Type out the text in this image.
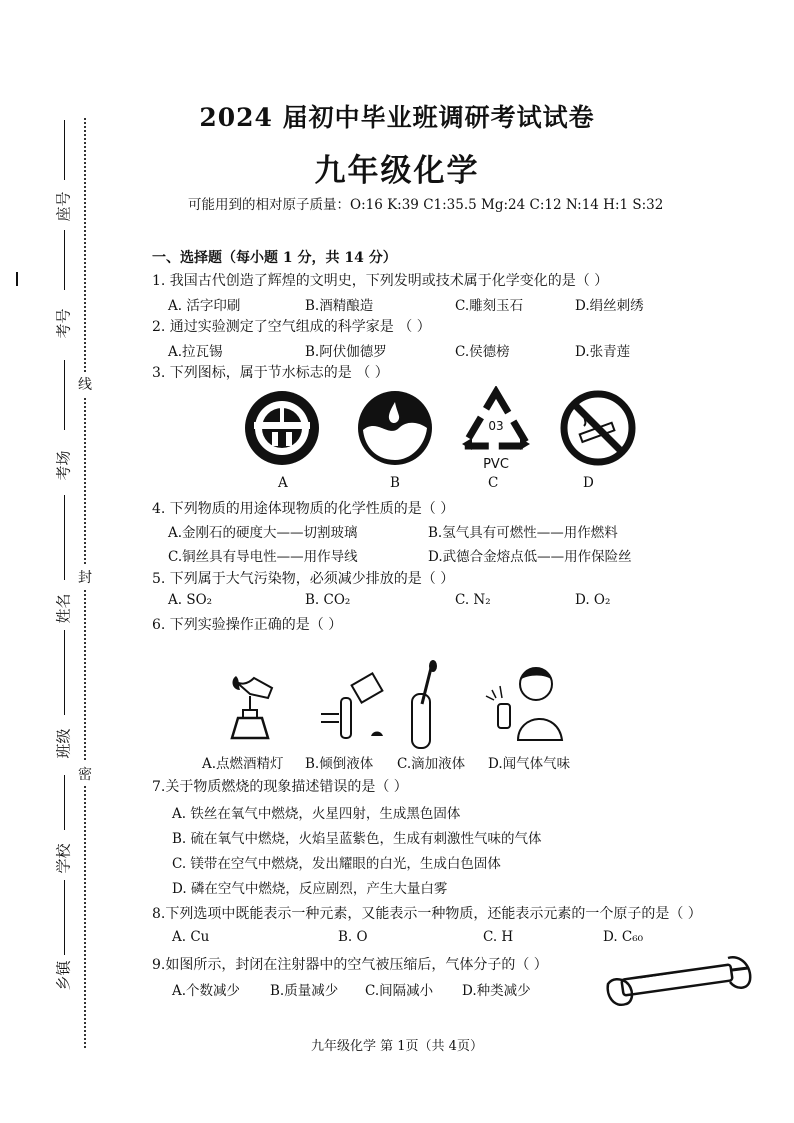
线
封
密
座号
考号
考场
姓名
班级
学校
乡镇
2024 届初中毕业班调研考试试卷
九年级化学
可能用到的相对原子质量：O:16 K:39 C1:35.5 Mg:24 C:12 N:14 H:1 S:32
一、选择题（每小题 1 分，共 14 分）
1. 我国古代创造了辉煌的文明史，下列发明或技术属于化学变化的是（ ）
A. 活字印刷	B.酒精酿造	C.雕刻玉石	D.绢丝刺绣
2. 通过实验测定了空气组成的科学家是 （ ）
A.拉瓦锡	B.阿伏伽德罗	C.侯德榜	D.张青莲
3. 下列图标，属于节水标志的是 （ ）
03
PVC
A	B	C	D
4. 下列物质的用途体现物质的化学性质的是（ ）
A.金刚石的硬度大——切割玻璃	B.氢气具有可燃性——用作燃料
C.铜丝具有导电性——用作导线	D.武德合金熔点低——用作保险丝
5. 下列属于大气污染物，必须减少排放的是（ ）
A. SO₂	B. CO₂	C. N₂	D. O₂
6. 下列实验操作正确的是（ ）
A.点燃酒精灯 B.倾倒液体 C.滴加液体 D.闻气体气味
7.关于物质燃烧的现象描述错误的是（ ）
A. 铁丝在氧气中燃烧，火星四射，生成黑色固体
B. 硫在氧气中燃烧，火焰呈蓝紫色，生成有刺激性气味的气体
C. 镁带在空气中燃烧，发出耀眼的白光，生成白色固体
D. 磷在空气中燃烧，反应剧烈，产生大量白雾
8.下列选项中既能表示一种元素，又能表示一种物质，还能表示元素的一个原子的是（ ）
A. Cu	B. O	C. H	D. C₆₀
9.如图所示，封闭在注射器中的空气被压缩后，气体分子的（ ）
A.个数减少 B.质量减少 C.间隔减小 D.种类减少
九年级化学 第 1页（共 4页）
